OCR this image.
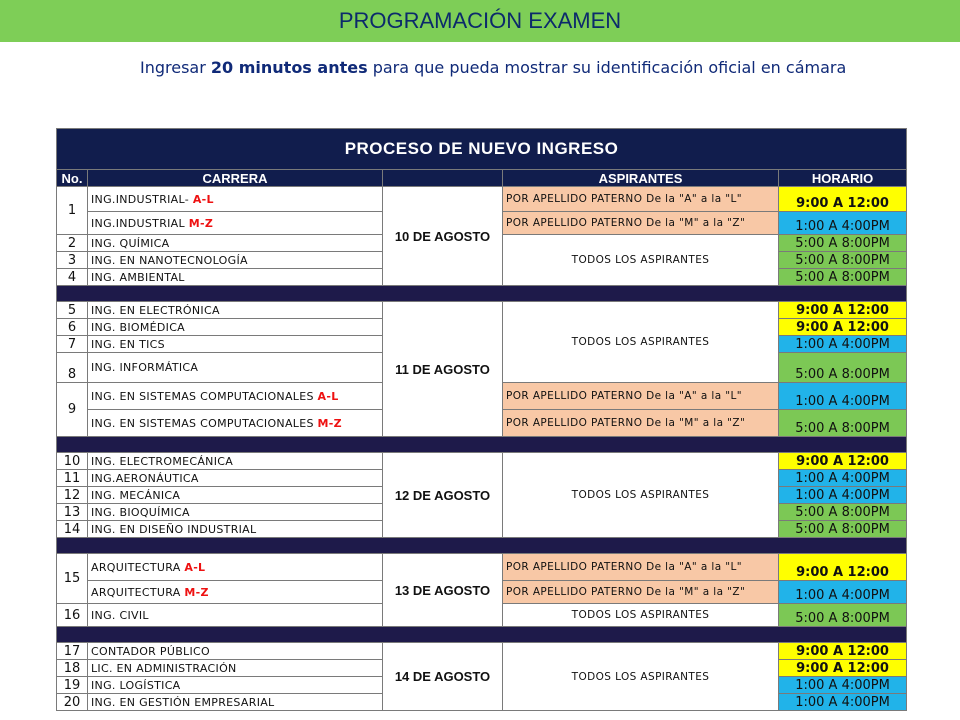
PROGRAMACIÓN EXAMEN
Ingresar 20 minutos antes para que pueda mostrar su identificación oficial en cámara
PROCESO DE NUEVO INGRESO				
No.	CARRERA		ASPIRANTES	HORARIO
1	ING.INDUSTRIAL- A-L	10 DE AGOSTO	POR APELLIDO PATERNO De la "A" a la "L"	9:00 A 12:00
	ING.INDUSTRIAL M-Z		POR APELLIDO PATERNO De la "M" a la "Z"	1:00 A 4:00PM
2	ING. QUÍMICA		TODOS LOS ASPIRANTES	5:00 A 8:00PM
3	ING. EN NANOTECNOLOGÍA			5:00 A 8:00PM
4	ING. AMBIENTAL			5:00 A 8:00PM

5	ING. EN ELECTRÓNICA	11 DE AGOSTO	TODOS LOS ASPIRANTES	9:00 A 12:00
6	ING. BIOMÉDICA			9:00 A 12:00
7	ING. EN TICS			1:00 A 4:00PM
8	ING. INFORMÁTICA			5:00 A 8:00PM
9	ING. EN SISTEMAS COMPUTACIONALES A-L		POR APELLIDO PATERNO De la "A" a la "L"	1:00 A 4:00PM
	ING. EN SISTEMAS COMPUTACIONALES M-Z		POR APELLIDO PATERNO De la "M" a la "Z"	5:00 A 8:00PM

10	ING. ELECTROMECÁNICA	12 DE AGOSTO	TODOS LOS ASPIRANTES	9:00 A 12:00
11	ING.AERONÁUTICA			1:00 A 4:00PM
12	ING. MECÁNICA			1:00 A 4:00PM
13	ING. BIOQUÍMICA			5:00 A 8:00PM
14	ING. EN DISEÑO INDUSTRIAL			5:00 A 8:00PM

15	ARQUITECTURA A-L	13 DE AGOSTO	POR APELLIDO PATERNO De la "A" a la "L"	9:00 A 12:00
	ARQUITECTURA M-Z		POR APELLIDO PATERNO De la "M" a la "Z"	1:00 A 4:00PM
16	ING. CIVIL		TODOS LOS ASPIRANTES	5:00 A 8:00PM

17	CONTADOR PÚBLICO	14 DE AGOSTO	TODOS LOS ASPIRANTES	9:00 A 12:00
18	LIC. EN ADMINISTRACIÓN			9:00 A 12:00
19	ING. LOGÍSTICA			1:00 A 4:00PM
20	ING. EN GESTIÓN EMPRESARIAL			1:00 A 4:00PM
